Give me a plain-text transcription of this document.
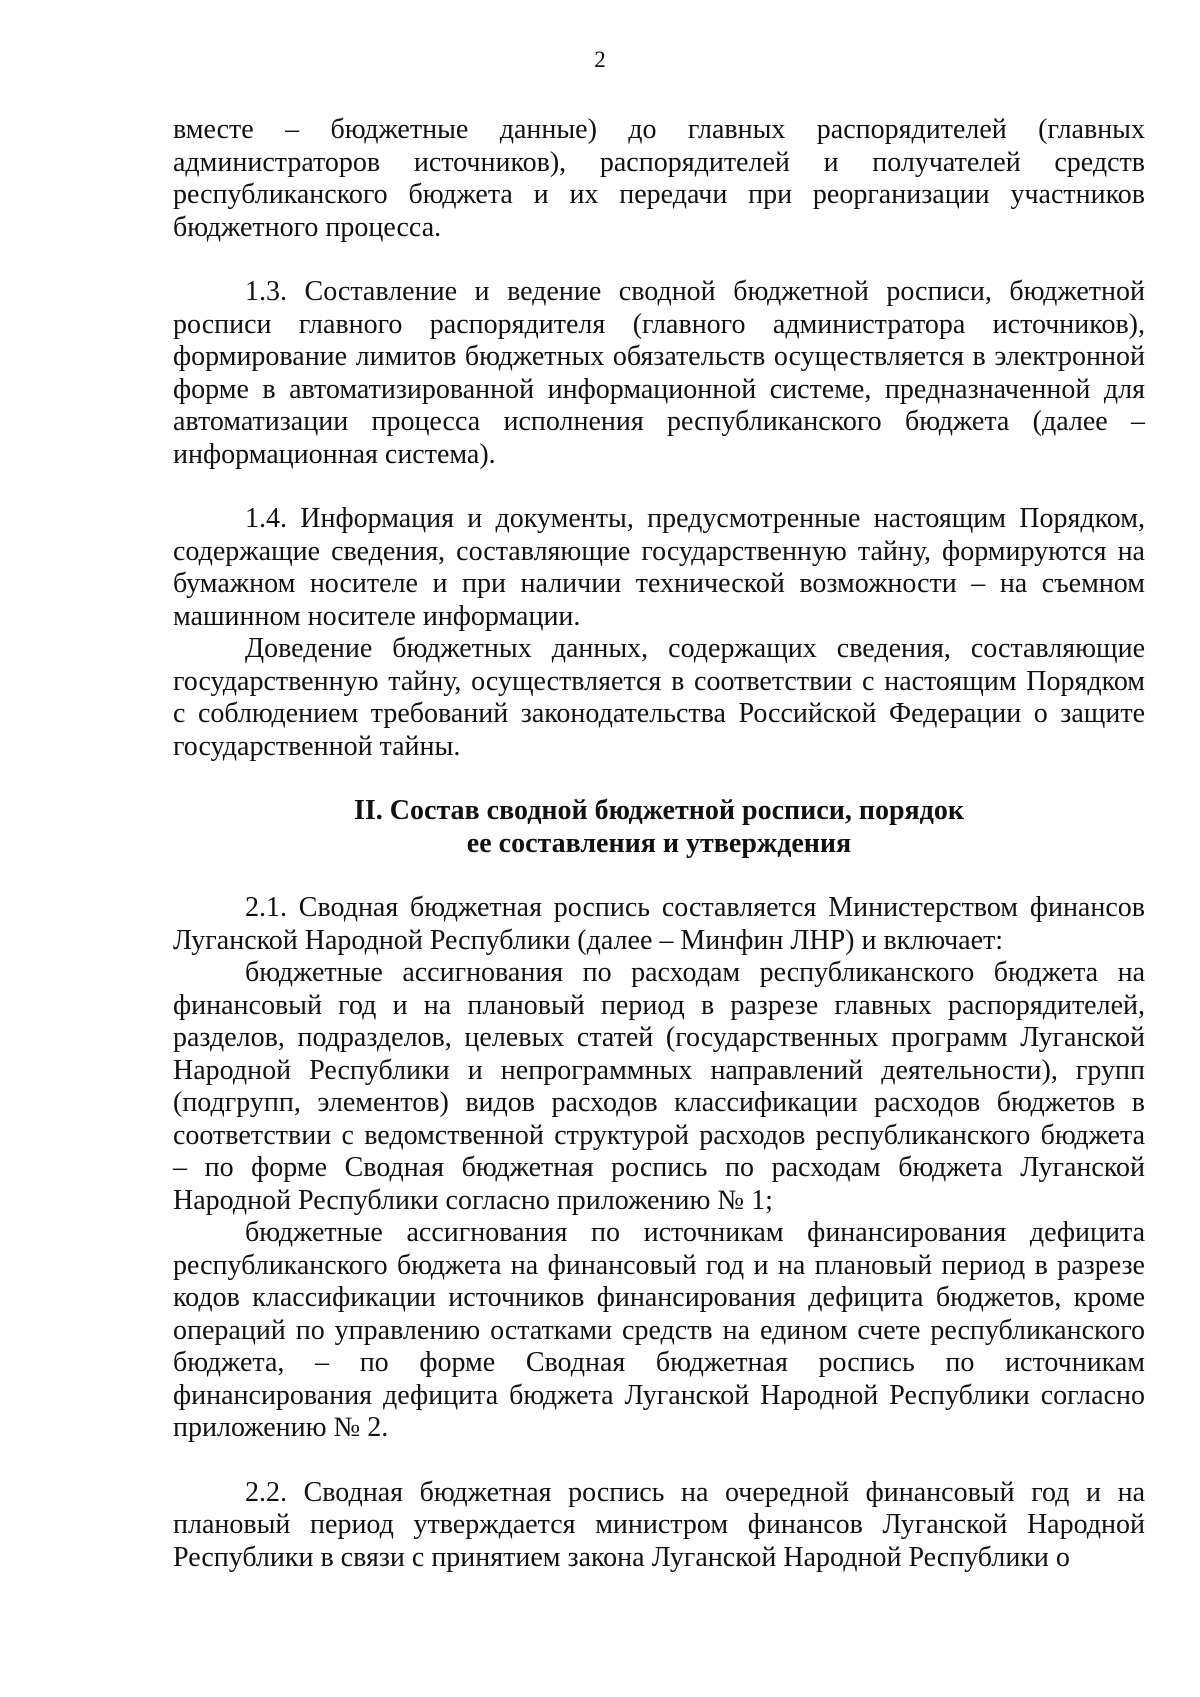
2

вместе – бюджетные данные) до главных распорядителей (главных администраторов источников), распорядителей и получателей средств республиканского бюджета и их передачи при реорганизации участников бюджетного процесса.

1.3. Составление и ведение сводной бюджетной росписи, бюджетной росписи главного распорядителя (главного администратора источников), формирование лимитов бюджетных обязательств осуществляется в электронной форме в автоматизированной информационной системе, предназначенной для автоматизации процесса исполнения республиканского бюджета (далее – информационная система).

1.4. Информация и документы, предусмотренные настоящим Порядком, содержащие сведения, составляющие государственную тайну, формируются на бумажном носителе и при наличии технической возможности – на съемном машинном носителе информации.

Доведение бюджетных данных, содержащих сведения, составляющие государственную тайну, осуществляется в соответствии с настоящим Порядком с соблюдением требований законодательства Российской Федерации о защите государственной тайны.

II. Состав сводной бюджетной росписи, порядок
ее составления и утверждения

2.1. Сводная бюджетная роспись составляется Министерством финансов Луганской Народной Республики (далее – Минфин ЛНР) и включает:

бюджетные ассигнования по расходам республиканского бюджета на финансовый год и на плановый период в разрезе главных распорядителей, разделов, подразделов, целевых статей (государственных программ Луганской Народной Республики и непрограммных направлений деятельности), групп (подгрупп, элементов) видов расходов классификации расходов бюджетов в соответствии с ведомственной структурой расходов республиканского бюджета – по форме Сводная бюджетная роспись по расходам бюджета Луганской Народной Республики согласно приложению № 1;

бюджетные ассигнования по источникам финансирования дефицита республиканского бюджета на финансовый год и на плановый период в разрезе кодов классификации источников финансирования дефицита бюджетов, кроме операций по управлению остатками средств на едином счете республиканского бюджета, – по форме Сводная бюджетная роспись по источникам финансирования дефицита бюджета Луганской Народной Республики согласно приложению № 2.

2.2. Сводная бюджетная роспись на очередной финансовый год и на плановый период утверждается министром финансов Луганской Народной Республики в связи с принятием закона Луганской Народной Республики о
